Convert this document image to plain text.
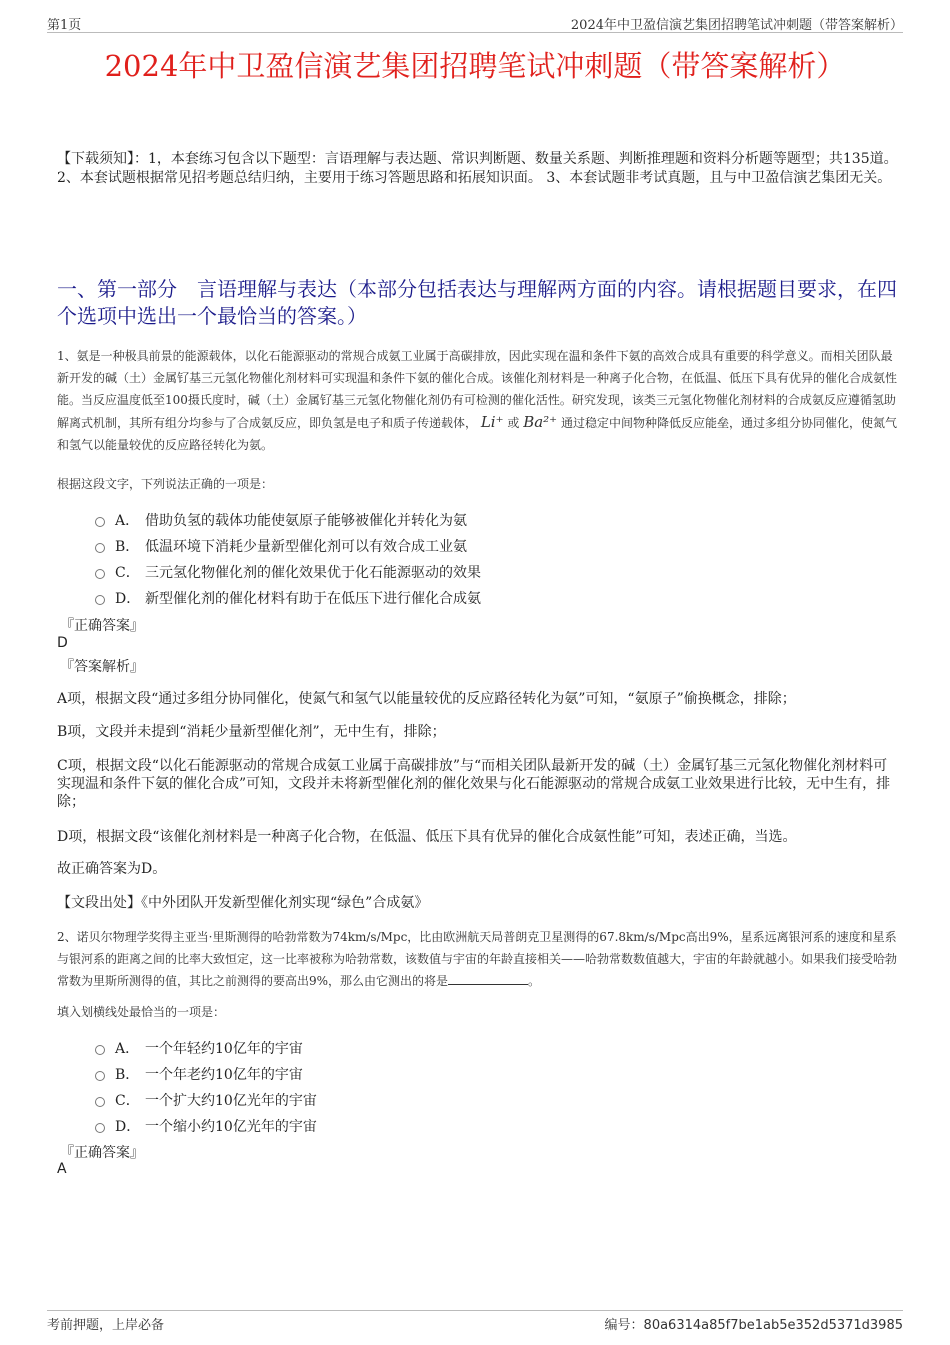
第1页	2024年中卫盈信演艺集团招聘笔试冲刺题（带答案解析）
2024年中卫盈信演艺集团招聘笔试冲刺题（带答案解析）
【下载须知】：1，本套练习包含以下题型：言语理解与表达题、常识判断题、数量关系题、判断推理题和资料分析题等题型；共135道。 2、本套试题根据常见招考题总结归纳，主要用于练习答题思路和拓展知识面。 3、本套试题非考试真题，且与中卫盈信演艺集团无关。
一、第一部分　言语理解与表达（本部分包括表达与理解两方面的内容。请根据题目要求，在四个选项中选出一个最恰当的答案。）
1、氨是一种极具前景的能源载体，以化石能源驱动的常规合成氨工业属于高碳排放，因此实现在温和条件下氨的高效合成具有重要的科学意义。而相关团队最新开发的碱（土）金属钌基三元氢化物催化剂材料可实现温和条件下氨的催化合成。该催化剂材料是一种离子化合物，在低温、低压下具有优异的催化合成氨性能。当反应温度低至100摄氏度时，碱（土）金属钌基三元氢化物催化剂仍有可检测的催化活性。研究发现，该类三元氢化物催化剂材料的合成氨反应遵循氢助解离式机制，其所有组分均参与了合成氨反应，即负氢是电子和质子传递载体， Li⁺ 或 Ba²⁺ 通过稳定中间物种降低反应能垒，通过多组分协同催化，使氮气和氢气以能量较优的反应路径转化为氨。
根据这段文字，下列说法正确的一项是：
A． 借助负氢的载体功能使氨原子能够被催化并转化为氨
B． 低温环境下消耗少量新型催化剂可以有效合成工业氨
C． 三元氢化物催化剂的催化效果优于化石能源驱动的效果
D． 新型催化剂的催化材料有助于在低压下进行催化合成氨
『正确答案』
D
『答案解析』
A项，根据文段“通过多组分协同催化，使氮气和氢气以能量较优的反应路径转化为氨”可知，“氨原子”偷换概念，排除；
B项，文段并未提到“消耗少量新型催化剂”，无中生有，排除；
C项，根据文段“以化石能源驱动的常规合成氨工业属于高碳排放”与“而相关团队最新开发的碱（土）金属钌基三元氢化物催化剂材料可实现温和条件下氨的催化合成”可知，文段并未将新型催化剂的催化效果与化石能源驱动的常规合成氨工业效果进行比较，无中生有，排除；
D项，根据文段“该催化剂材料是一种离子化合物，在低温、低压下具有优异的催化合成氨性能”可知，表述正确，当选。
故正确答案为D。
【文段出处】《中外团队开发新型催化剂实现“绿色”合成氨》
2、诺贝尔物理学奖得主亚当·里斯测得的哈勃常数为74km/s/Mpc，比由欧洲航天局普朗克卫星测得的67.8km/s/Mpc高出9%，星系远离银河系的速度和星系与银河系的距离之间的比率大致恒定，这一比率被称为哈勃常数，该数值与宇宙的年龄直接相关——哈勃常数数值越大，宇宙的年龄就越小。如果我们接受哈勃常数为里斯所测得的值，其比之前测得的要高出9%，那么由它测出的将是	。
填入划横线处最恰当的一项是：
A． 一个年轻约10亿年的宇宙
B． 一个年老约10亿年的宇宙
C． 一个扩大约10亿光年的宇宙
D． 一个缩小约10亿光年的宇宙
『正确答案』
A
考前押题，上岸必备	编号：80a6314a85f7be1ab5e352d5371d3985
